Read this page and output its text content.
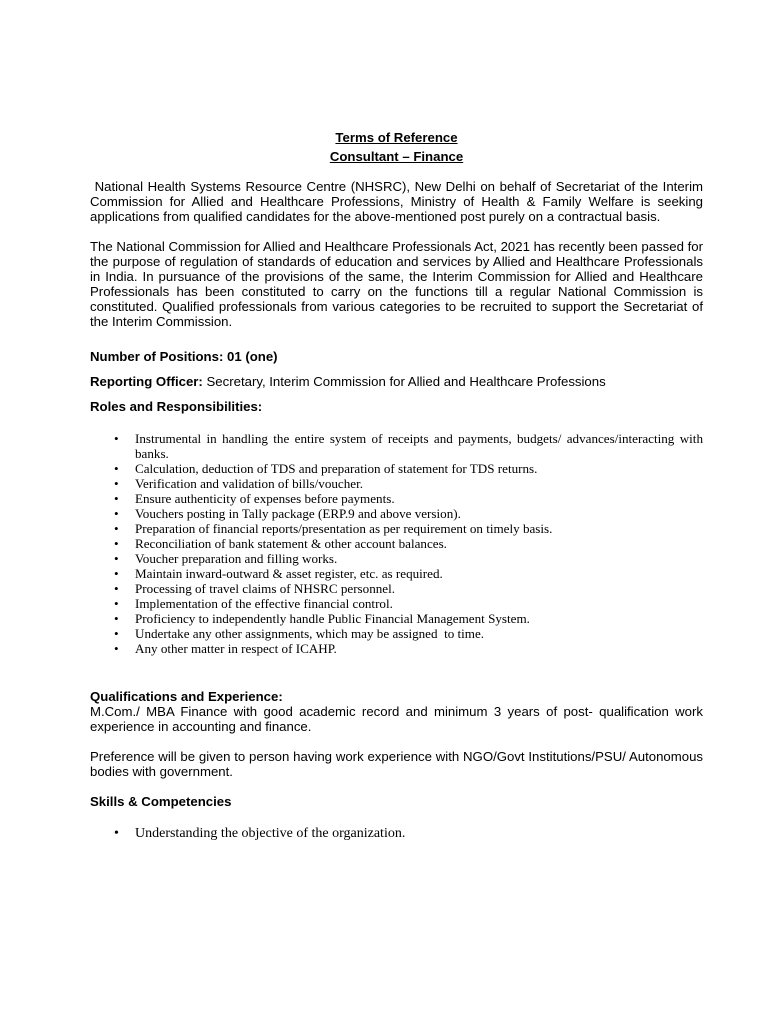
Terms of Reference

Consultant – Finance

National Health Systems Resource Centre (NHSRC), New Delhi on behalf of Secretariat of the Interim Commission for Allied and Healthcare Professions, Ministry of Health & Family Welfare is seeking applications from qualified candidates for the above-mentioned post purely on a contractual basis.

The National Commission for Allied and Healthcare Professionals Act, 2021 has recently been passed for the purpose of regulation of standards of education and services by Allied and Healthcare Professionals in India. In pursuance of the provisions of the same, the Interim Commission for Allied and Healthcare Professionals has been constituted to carry on the functions till a regular National Commission is constituted. Qualified professionals from various categories to be recruited to support the Secretariat of the Interim Commission.

Number of Positions: 01 (one)

Reporting Officer: Secretary, Interim Commission for Allied and Healthcare Professions

Roles and Responsibilities:

• Instrumental in handling the entire system of receipts and payments, budgets/ advances/interacting with banks.
• Calculation, deduction of TDS and preparation of statement for TDS returns.
• Verification and validation of bills/voucher.
• Ensure authenticity of expenses before payments.
• Vouchers posting in Tally package (ERP.9 and above version).
• Preparation of financial reports/presentation as per requirement on timely basis.
• Reconciliation of bank statement & other account balances.
• Voucher preparation and filling works.
• Maintain inward-outward & asset register, etc. as required.
• Processing of travel claims of NHSRC personnel.
• Implementation of the effective financial control.
• Proficiency to independently handle Public Financial Management System.
• Undertake any other assignments, which may be assigned  to time.
• Any other matter in respect of ICAHP.

Qualifications and Experience:

M.Com./ MBA Finance with good academic record and minimum 3 years of post- qualification work experience in accounting and finance.

Preference will be given to person having work experience with NGO/Govt Institutions/PSU/ Autonomous bodies with government.

Skills & Competencies

• Understanding the objective of the organization.
